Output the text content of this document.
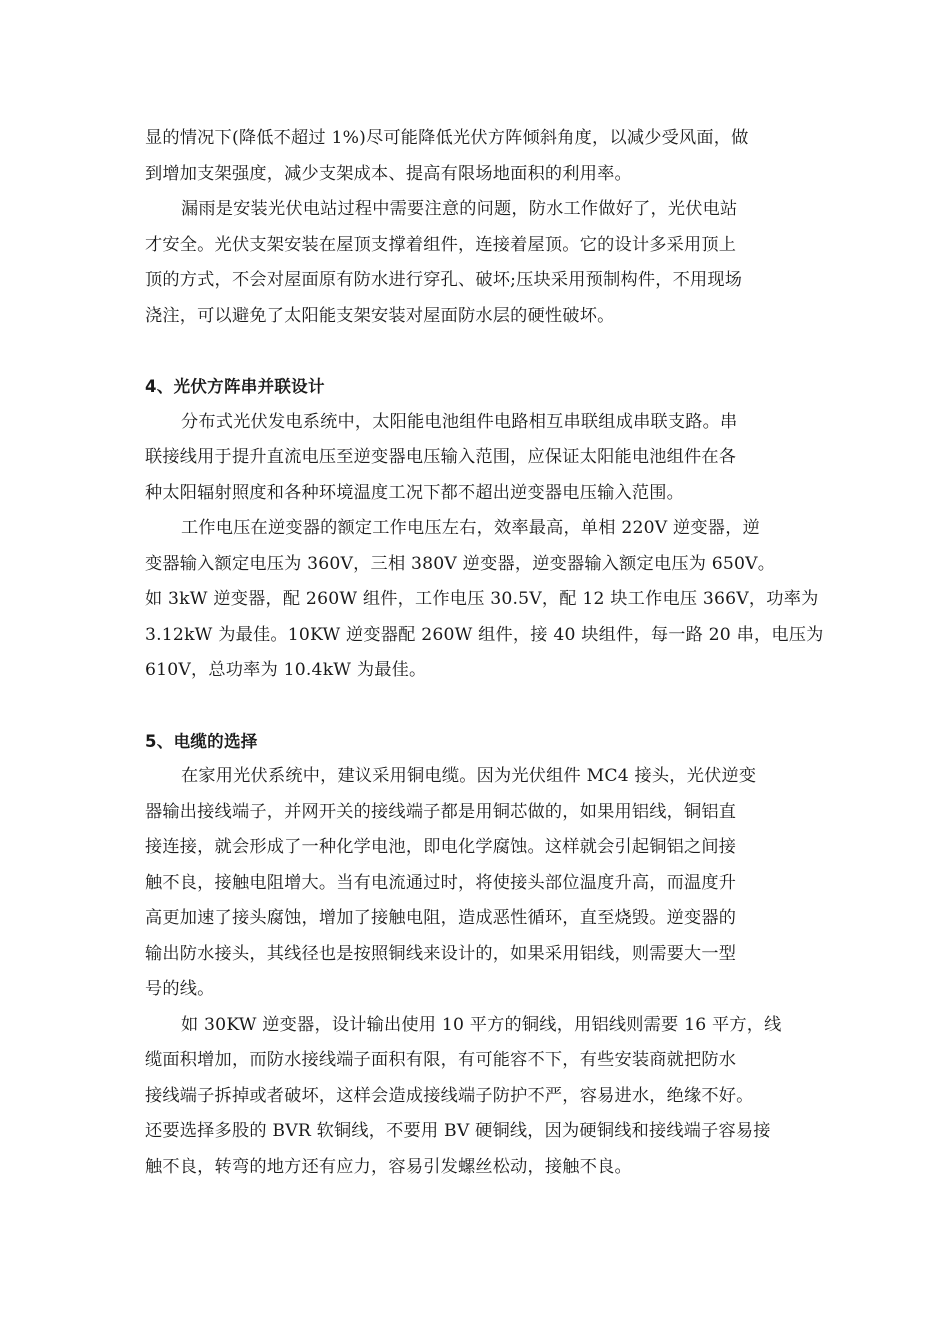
显的情况下(降低不超过 1%)尽可能降低光伏方阵倾斜角度，以减少受风面，做
到增加支架强度，减少支架成本、提高有限场地面积的利用率。

漏雨是安装光伏电站过程中需要注意的问题，防水工作做好了，光伏电站
才安全。光伏支架安装在屋顶支撑着组件，连接着屋顶。它的设计多采用顶上
顶的方式，不会对屋面原有防水进行穿孔、破坏;压块采用预制构件，不用现场
浇注，可以避免了太阳能支架安装对屋面防水层的硬性破坏。

4、光伏方阵串并联设计

分布式光伏发电系统中，太阳能电池组件电路相互串联组成串联支路。串
联接线用于提升直流电压至逆变器电压输入范围，应保证太阳能电池组件在各
种太阳辐射照度和各种环境温度工况下都不超出逆变器电压输入范围。

工作电压在逆变器的额定工作电压左右，效率最高，单相 220V 逆变器，逆
变器输入额定电压为 360V，三相 380V 逆变器，逆变器输入额定电压为 650V。
如 3kW 逆变器，配 260W 组件，工作电压 30.5V，配 12 块工作电压 366V，功率为
3.12kW 为最佳。10KW 逆变器配 260W 组件，接 40 块组件，每一路 20 串，电压为
610V，总功率为 10.4kW 为最佳。

5、电缆的选择

在家用光伏系统中，建议采用铜电缆。因为光伏组件 MC4 接头，光伏逆变
器输出接线端子，并网开关的接线端子都是用铜芯做的，如果用铝线，铜铝直
接连接，就会形成了一种化学电池，即电化学腐蚀。这样就会引起铜铝之间接
触不良，接触电阻增大。当有电流通过时，将使接头部位温度升高，而温度升
高更加速了接头腐蚀，增加了接触电阻，造成恶性循环，直至烧毁。逆变器的
输出防水接头，其线径也是按照铜线来设计的，如果采用铝线，则需要大一型
号的线。

如 30KW 逆变器，设计输出使用 10 平方的铜线，用铝线则需要 16 平方，线
缆面积增加，而防水接线端子面积有限，有可能容不下，有些安装商就把防水
接线端子拆掉或者破坏，这样会造成接线端子防护不严，容易进水，绝缘不好。
还要选择多股的 BVR 软铜线，不要用 BV 硬铜线，因为硬铜线和接线端子容易接
触不良，转弯的地方还有应力，容易引发螺丝松动，接触不良。
